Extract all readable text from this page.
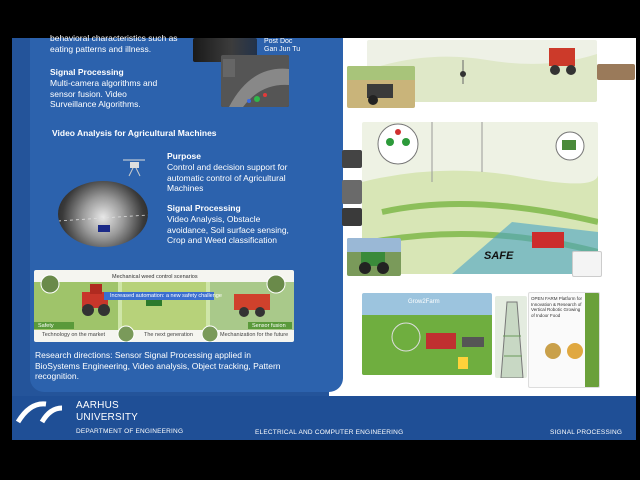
behavioral characteristics such as eating patterns and illness.
Signal Processing
Multi-camera algorithms and sensor fusion. Video Surveillance Algorithms.
Post Doc
Gan Jun Tu
Video Analysis for Agricultural Machines
Purpose
Control and decision support for automatic control of Agricultural Machines
Signal Processing
Video Analysis, Obstacle avoidance, Soil surface sensing, Crop and Weed classification
Mechanical weed control scenarios
Increased automation: a new safety challenge
Safety	Sensor fusion
Technology on the market	The next generation	Mechanization for the future
Research directions: Sensor Signal Processing applied in BioSystems Engineering, Video analysis, Object tracking, Pattern recognition.
SAFE
Grow2Farm
OPEN FARM Platform for Innovation & Research of Vertical Robotic Growing of Indoor Food
AARHUS
UNIVERSITY
DEPARTMENT OF ENGINEERING	ELECTRICAL AND COMPUTER ENGINEERING	SIGNAL PROCESSING
